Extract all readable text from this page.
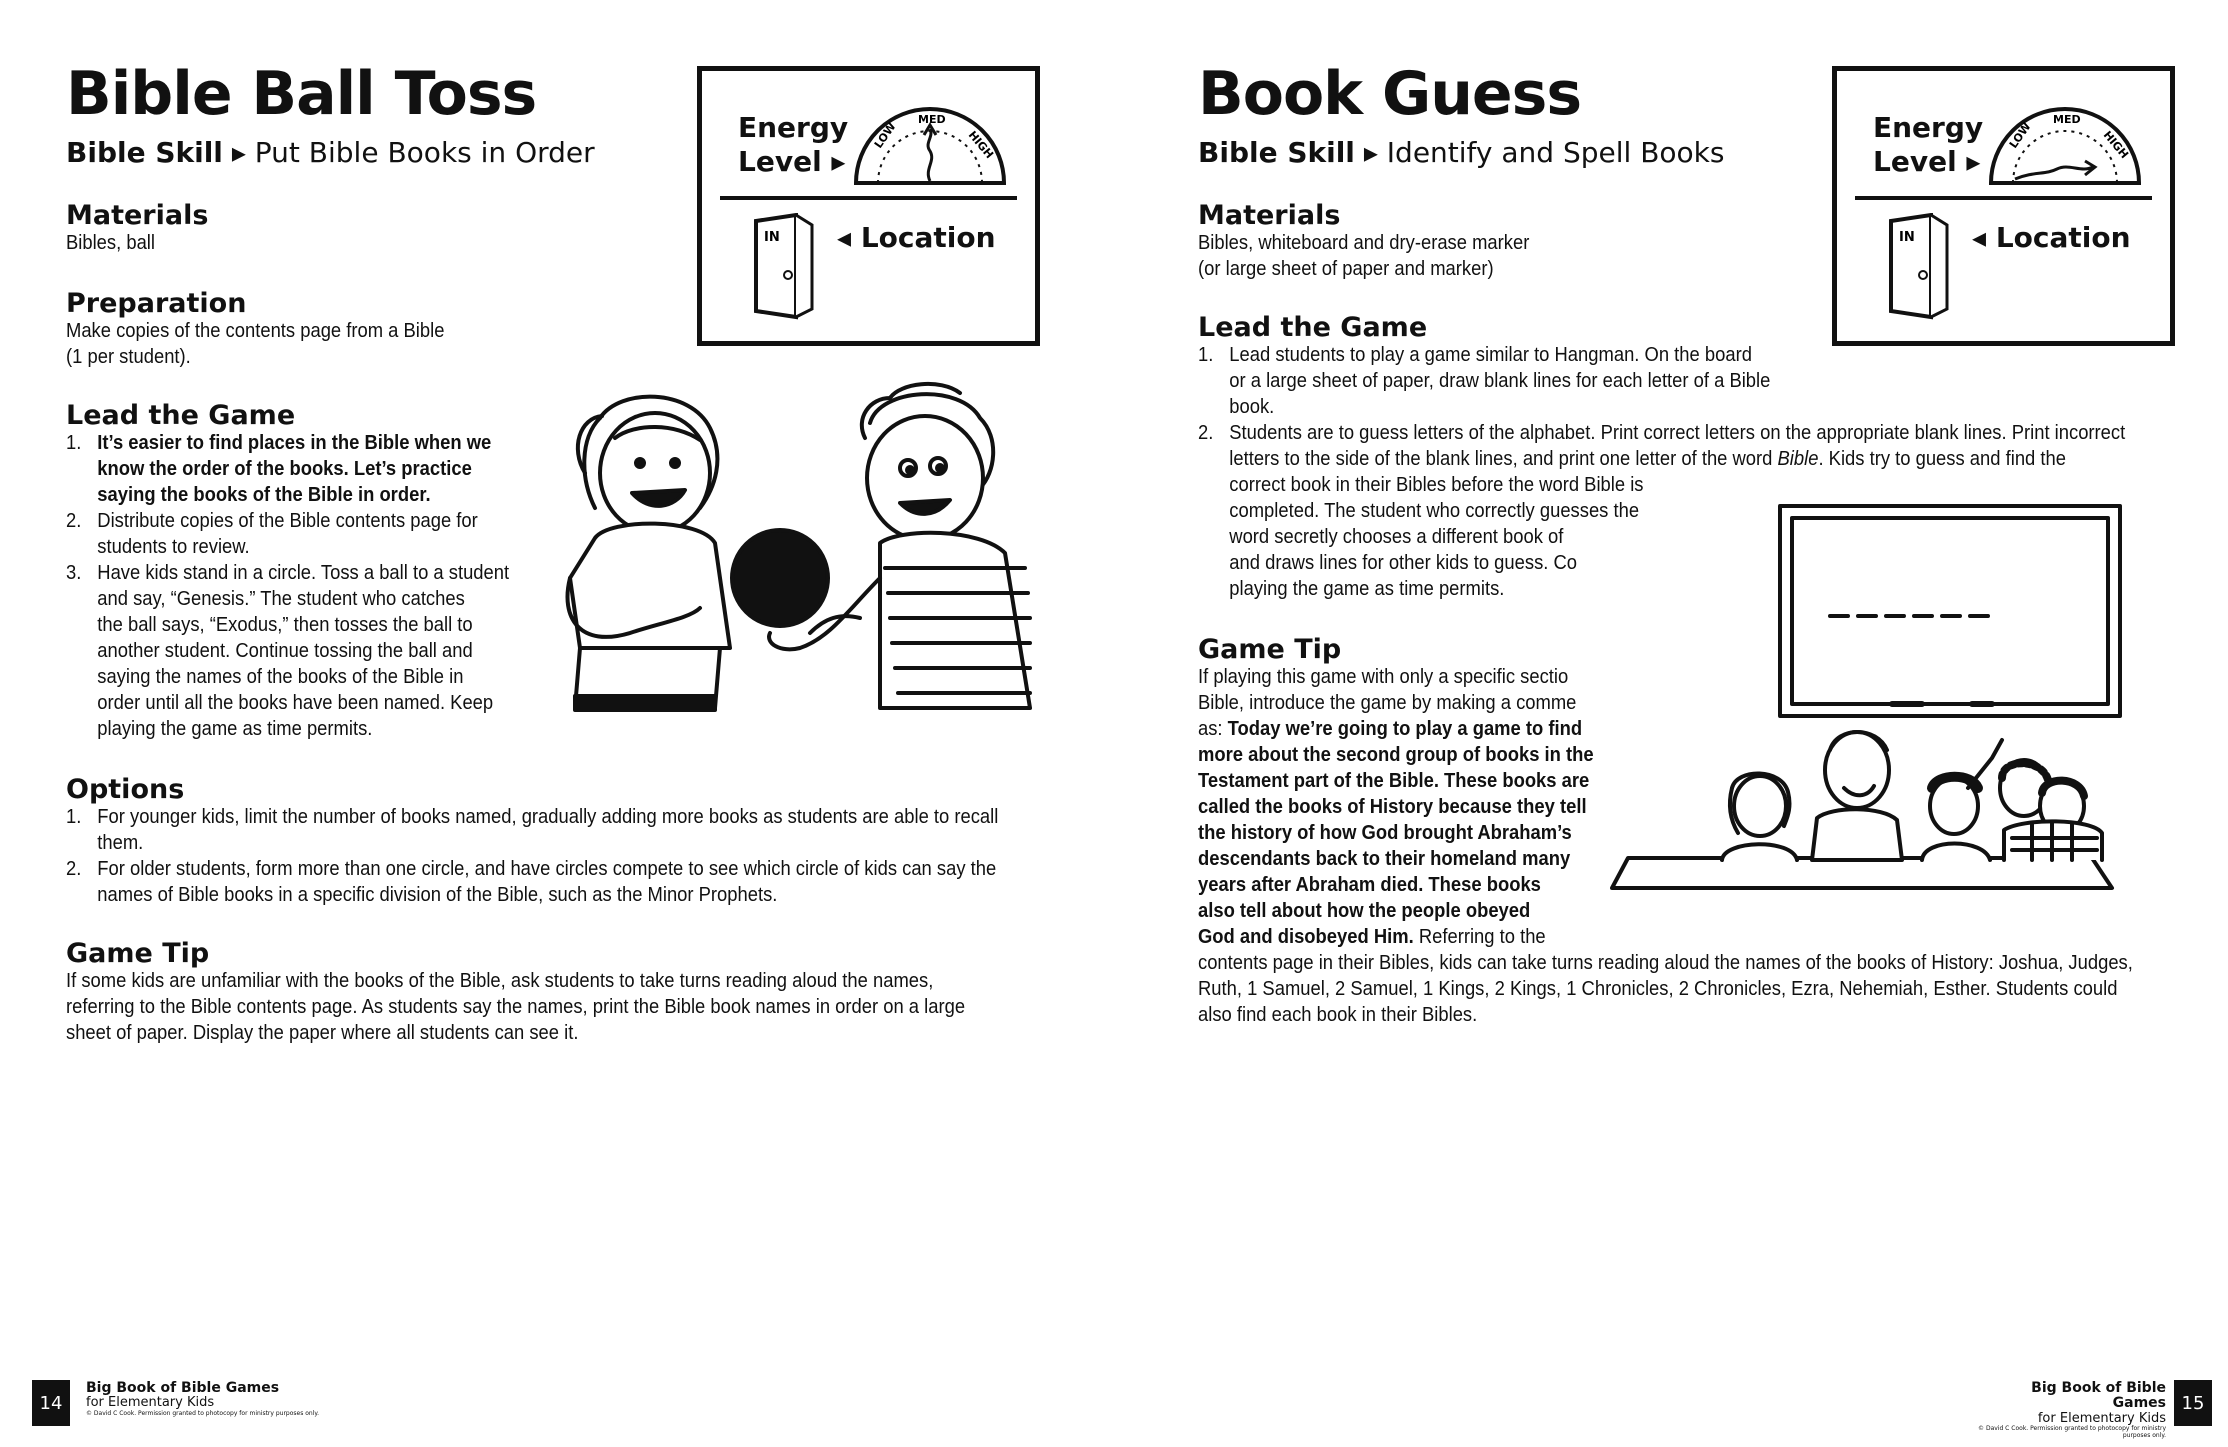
Bible Ball Toss
Bible Skill ▸ Put Bible Books in Order
Energy
Level ▸
LOW
MED
HIGH
IN ◂ Location
Materials
Bibles, ball
Preparation
Make copies of the contents page from a Bible
(1 per student).
Lead the Game
1. It’s easier to find places in the Bible when we
know the order of the books. Let’s practice
saying the books of the Bible in order.
2. Distribute copies of the Bible contents page for
students to review.
3. Have kids stand in a circle. Toss a ball to a student
and say, “Genesis.” The student who catches
the ball says, “Exodus,” then tosses the ball to
another student. Continue tossing the ball and
saying the names of the books of the Bible in
order until all the books have been named. Keep
playing the game as time permits.
Options
1. For younger kids, limit the number of books named, gradually adding more books as students are able to recall
them.
2. For older students, form more than one circle, and have circles compete to see which circle of kids can say the
names of Bible books in a specific division of the Bible, such as the Minor Prophets.
Game Tip
If some kids are unfamiliar with the books of the Bible, ask students to take turns reading aloud the names,
referring to the Bible contents page. As students say the names, print the Bible book names in order on a large
sheet of paper. Display the paper where all students can see it.
14
Big Book of Bible Games
for Elementary Kids
© David C Cook. Permission granted to photocopy for ministry purposes only.
Book Guess
Bible Skill ▸ Identify and Spell Books
Energy
Level ▸
LOW
MED
HIGH
IN ◂ Location
Materials
Bibles, whiteboard and dry-erase marker
(or large sheet of paper and marker)
Lead the Game
1. Lead students to play a game similar to Hangman. On the board
or a large sheet of paper, draw blank lines for each letter of a Bible
book.
2. Students are to guess letters of the alphabet. Print correct letters on the appropriate blank lines. Print incorrect
letters to the side of the blank lines, and print one letter of the word Bible. Kids try to guess and find the
correct book in their Bibles before the word Bible is
completed. The student who correctly guesses the
word secretly chooses a different book of
and draws lines for other kids to guess. Co
playing the game as time permits.
Game Tip
If playing this game with only a specific sectio
Bible, introduce the game by making a comme
as: Today we’re going to play a game to find
more about the second group of books in the
Testament part of the Bible. These books are
called the books of History because they tell
the history of how God brought Abraham’s
descendants back to their homeland many
years after Abraham died. These books
also tell about how the people obeyed
God and disobeyed Him. Referring to the
contents page in their Bibles, kids can take turns reading aloud the names of the books of History: Joshua, Judges,
Ruth, 1 Samuel, 2 Samuel, 1 Kings, 2 Kings, 1 Chronicles, 2 Chronicles, Ezra, Nehemiah, Esther. Students could
also find each book in their Bibles.
Big Book of Bible Games
for Elementary Kids
© David C Cook. Permission granted to photocopy for ministry purposes only.
15
